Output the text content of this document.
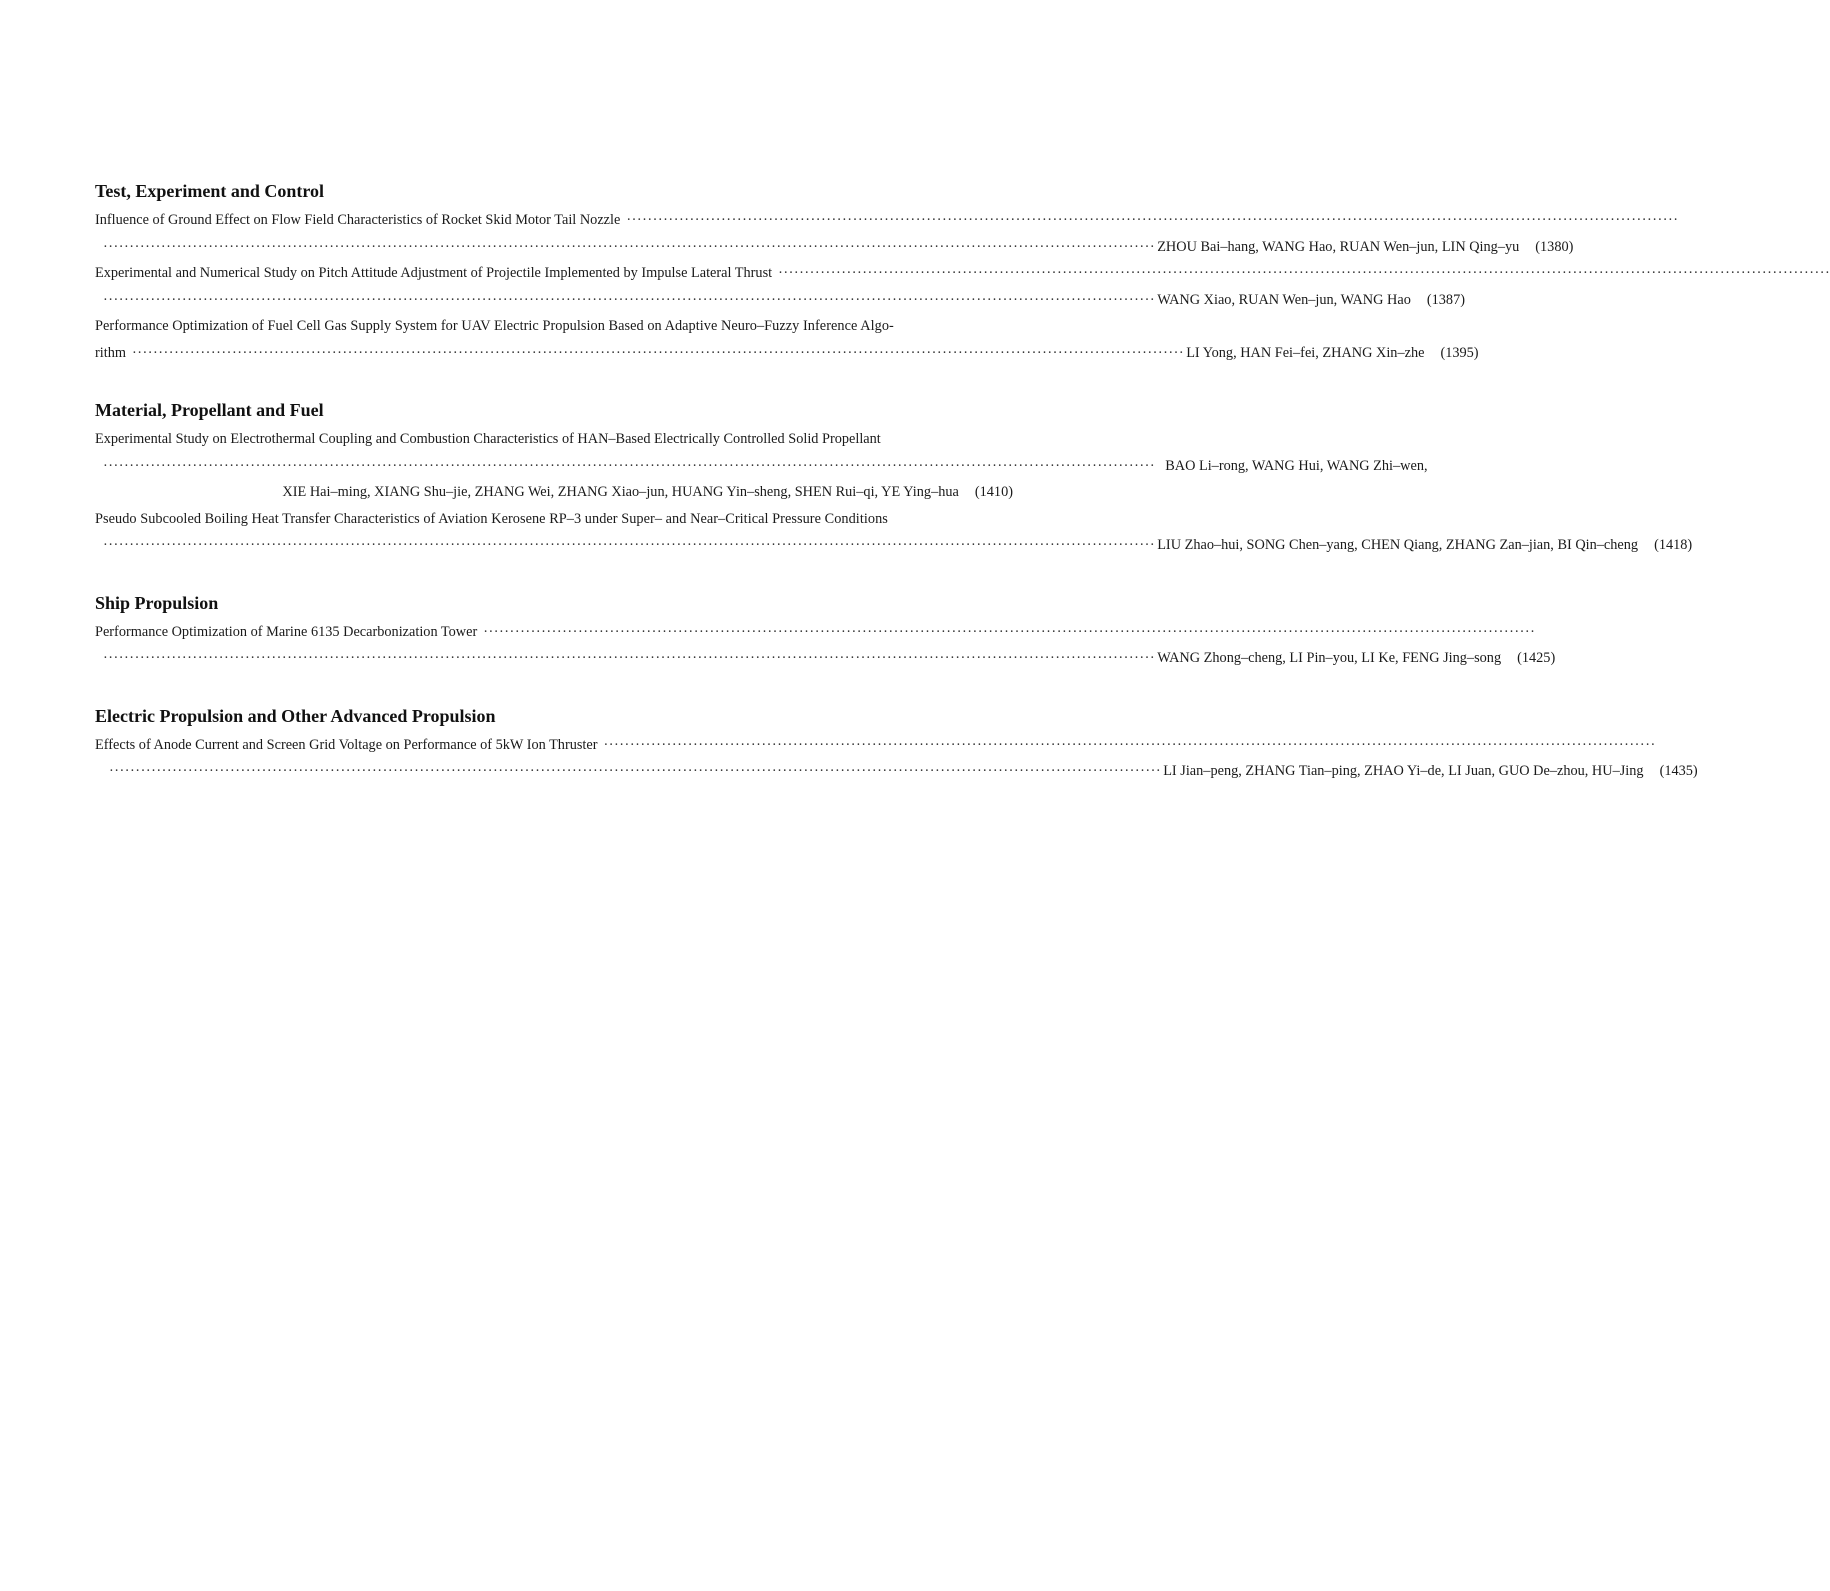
Test, Experiment and Control
Influence of Ground Effect on Flow Field Characteristics of Rocket Skid Motor Tail Nozzle ········································································································································································································
········································································································································································································ ZHOU Bai–hang, WANG Hao, RUAN Wen–jun, LIN Qing–yu (1380)
Experimental and Numerical Study on Pitch Attitude Adjustment of Projectile Implemented by Impulse Lateral Thrust ········································································································································································································
········································································································································································································ WANG Xiao, RUAN Wen–jun, WANG Hao (1387)
Performance Optimization of Fuel Cell Gas Supply System for UAV Electric Propulsion Based on Adaptive Neuro–Fuzzy Inference Algo-
rithm ········································································································································································································ LI Yong, HAN Fei–fei, ZHANG Xin–zhe (1395)
Material, Propellant and Fuel
Experimental Study on Electrothermal Coupling and Combustion Characteristics of HAN–Based Electrically Controlled Solid Propellant
········································································································································································································ BAO Li–rong, WANG Hui, WANG Zhi–wen,
XIE Hai–ming, XIANG Shu–jie, ZHANG Wei, ZHANG Xiao–jun, HUANG Yin–sheng, SHEN Rui–qi, YE Ying–hua (1410)
Pseudo Subcooled Boiling Heat Transfer Characteristics of Aviation Kerosene RP–3 under Super– and Near–Critical Pressure Conditions
········································································································································································································ LIU Zhao–hui, SONG Chen–yang, CHEN Qiang, ZHANG Zan–jian, BI Qin–cheng (1418)
Ship Propulsion
Performance Optimization of Marine 6135 Decarbonization Tower ········································································································································································································
········································································································································································································ WANG Zhong–cheng, LI Pin–you, LI Ke, FENG Jing–song (1425)
Electric Propulsion and Other Advanced Propulsion
Effects of Anode Current and Screen Grid Voltage on Performance of 5kW Ion Thruster ········································································································································································································
········································································································································································································ LI Jian–peng, ZHANG Tian–ping, ZHAO Yi–de, LI Juan, GUO De–zhou, HU–Jing (1435)
